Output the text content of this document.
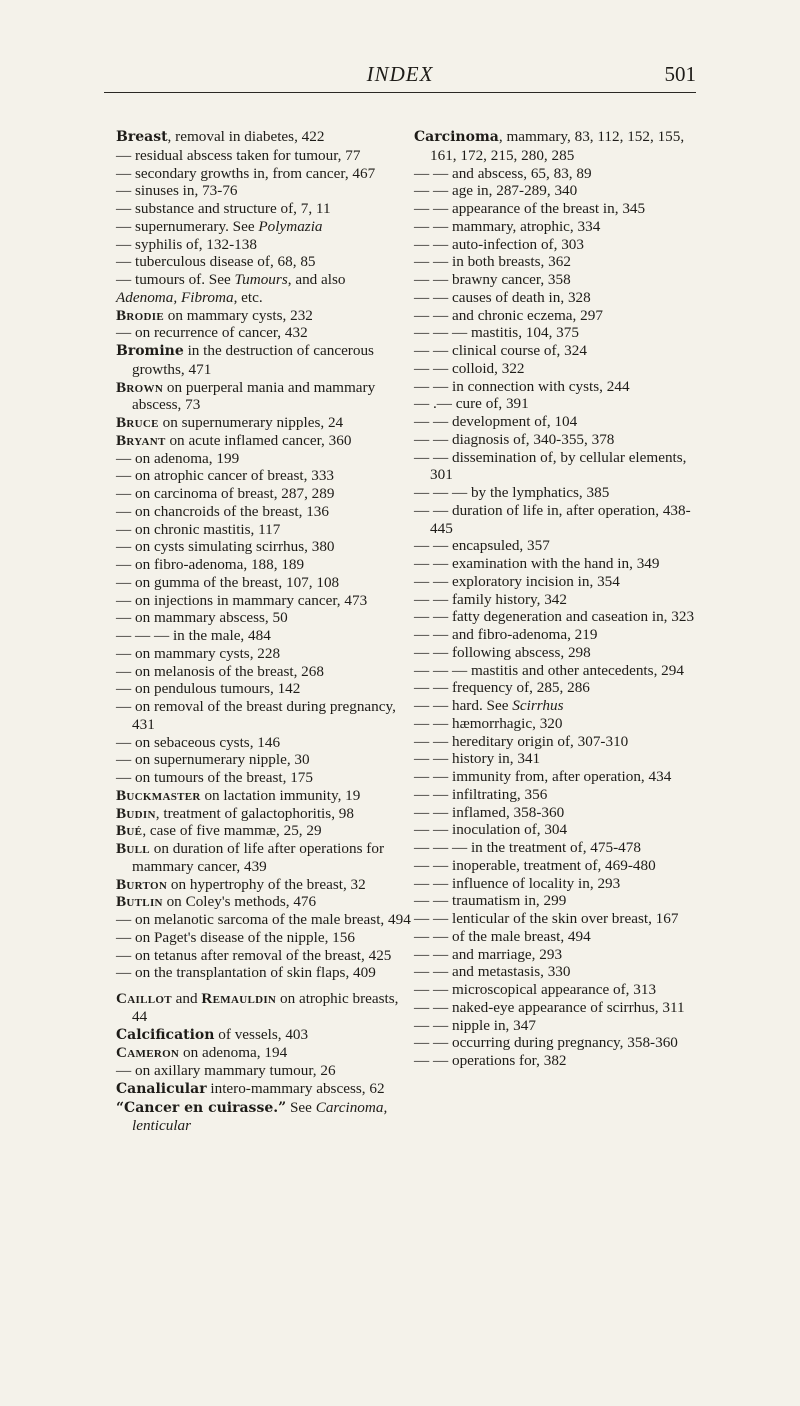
INDEX	501

Breast, removal in diabetes, 422

— residual abscess taken for tumour, 77

— secondary growths in, from cancer, 467

— sinuses in, 73-76

— substance and structure of, 7, 11

— supernumerary. See Polymazia

— syphilis of, 132-138

— tuberculous disease of, 68, 85

— tumours of. See Tumours, and also

Adenoma, Fibroma, etc.

Brodie on mammary cysts, 232

— on recurrence of cancer, 432

Bromine in the destruction of cancerous growths, 471

Brown on puerperal mania and mammary abscess, 73

Bruce on supernumerary nipples, 24

Bryant on acute inflamed cancer, 360

— on adenoma, 199

— on atrophic cancer of breast, 333

— on carcinoma of breast, 287, 289

— on chancroids of the breast, 136

— on chronic mastitis, 117

— on cysts simulating scirrhus, 380

— on fibro-adenoma, 188, 189

— on gumma of the breast, 107, 108

— on injections in mammary cancer, 473

— on mammary abscess, 50

— — — in the male, 484

— on mammary cysts, 228

— on melanosis of the breast, 268

— on pendulous tumours, 142

— on removal of the breast during pregnancy, 431

— on sebaceous cysts, 146

— on supernumerary nipple, 30

— on tumours of the breast, 175

Buckmaster on lactation immunity, 19

Budin, treatment of galactophoritis, 98

Bué, case of five mammæ, 25, 29

Bull on duration of life after operations for mammary cancer, 439

Burton on hypertrophy of the breast, 32

Butlin on Coley's methods, 476

— on melanotic sarcoma of the male breast, 494

— on Paget's disease of the nipple, 156

— on tetanus after removal of the breast, 425

— on the transplantation of skin flaps, 409

Caillot and Remauldin on atrophic breasts, 44

Calcification of vessels, 403

Cameron on adenoma, 194

— on axillary mammary tumour, 26

Canalicular intero-mammary abscess, 62

“Cancer en cuirasse.” See Carcinoma, lenticular

Carcinoma, mammary, 83, 112, 152, 155, 161, 172, 215, 280, 285

— — and abscess, 65, 83, 89

— — age in, 287-289, 340

— — appearance of the breast in, 345

— — mammary, atrophic, 334

— — auto-infection of, 303

— — in both breasts, 362

— — brawny cancer, 358

— — causes of death in, 328

— — and chronic eczema, 297

— — — mastitis, 104, 375

— — clinical course of, 324

— — colloid, 322

— — in connection with cysts, 244

— .— cure of, 391

— — development of, 104

— — diagnosis of, 340-355, 378

— — dissemination of, by cellular elements, 301

— — — by the lymphatics, 385

— — duration of life in, after operation, 438-445

— — encapsuled, 357

— — examination with the hand in, 349

— — exploratory incision in, 354

— — family history, 342

— — fatty degeneration and caseation in, 323

— — and fibro-adenoma, 219

— — following abscess, 298

— — — mastitis and other antecedents, 294

— — frequency of, 285, 286

— — hard. See Scirrhus

— — hæmorrhagic, 320

— — hereditary origin of, 307-310

— — history in, 341

— — immunity from, after operation, 434

— — infiltrating, 356

— — inflamed, 358-360

— — inoculation of, 304

— — — in the treatment of, 475-478

— — inoperable, treatment of, 469-480

— — influence of locality in, 293

— — traumatism in, 299

— — lenticular of the skin over breast, 167

— — of the male breast, 494

— — and marriage, 293

— — and metastasis, 330

— — microscopical appearance of, 313

— — naked-eye appearance of scirrhus, 311

— — nipple in, 347

— — occurring during pregnancy, 358-360

— — operations for, 382
